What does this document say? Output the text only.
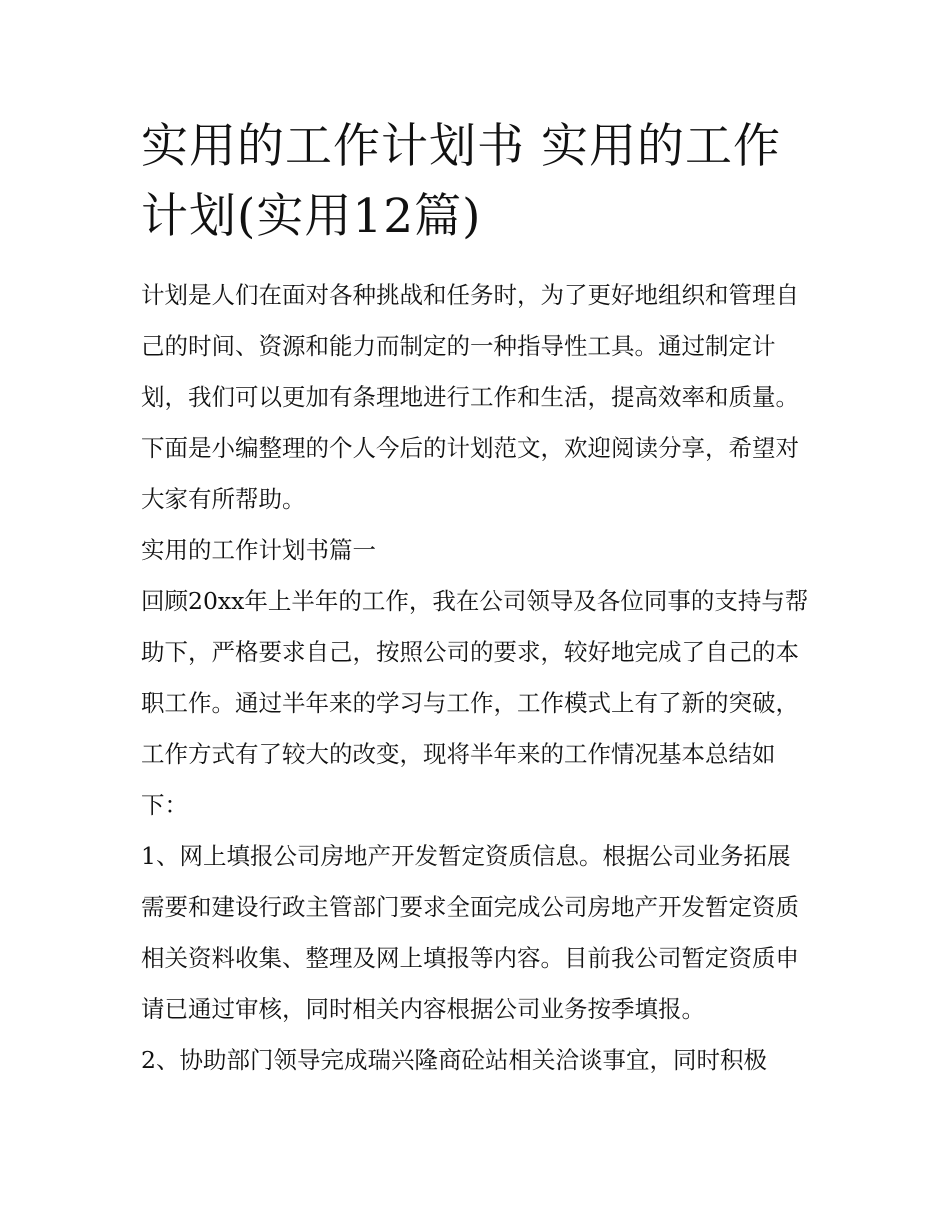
实用的工作计划书 实用的工作计划(实用12篇)

计划是人们在面对各种挑战和任务时，为了更好地组织和管理自己的时间、资源和能力而制定的一种指导性工具。通过制定计划，我们可以更加有条理地进行工作和生活，提高效率和质量。下面是小编整理的个人今后的计划范文，欢迎阅读分享，希望对大家有所帮助。

实用的工作计划书篇一

回顾20xx年上半年的工作，我在公司领导及各位同事的支持与帮助下，严格要求自己，按照公司的要求，较好地完成了自己的本职工作。通过半年来的学习与工作，工作模式上有了新的突破，工作方式有了较大的改变，现将半年来的工作情况基本总结如下：

1、网上填报公司房地产开发暂定资质信息。根据公司业务拓展需要和建设行政主管部门要求全面完成公司房地产开发暂定资质相关资料收集、整理及网上填报等内容。目前我公司暂定资质申请已通过审核，同时相关内容根据公司业务按季填报。

2、协助部门领导完成瑞兴隆商砼站相关洽谈事宜，同时积极
